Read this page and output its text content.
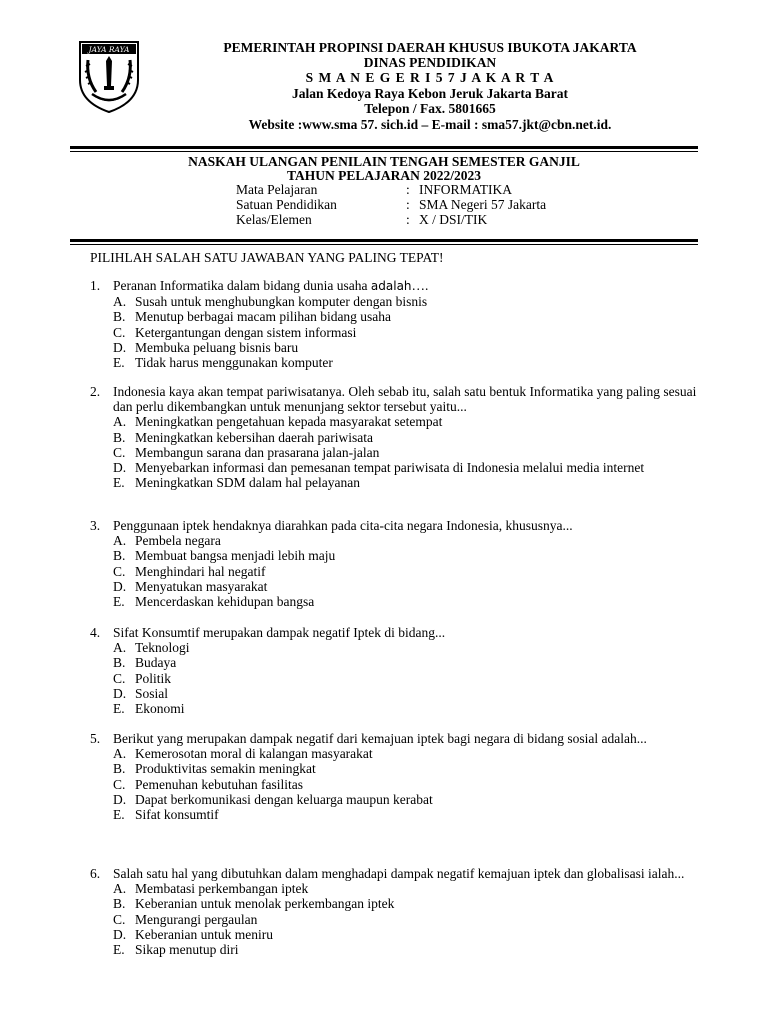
JAYA RAYA	PEMERINTAH PROPINSI DAERAH KHUSUS IBUKOTA JAKARTA
DINAS PENDIDIKAN
S M A N E G E R I 5 7 J A K A R T A
Jalan Kedoya Raya Kebon Jeruk Jakarta Barat
Telepon / Fax. 5801665
Website :www.sma 57. sich.id – E-mail : sma57.jkt@cbn.net.id.
NASKAH ULANGAN PENILAIN TENGAH SEMESTER GANJIL
TAHUN PELAJARAN 2022/2023
Mata Pelajaran	: INFORMATIKA
Satuan Pendidikan	: SMA Negeri 57 Jakarta
Kelas/Elemen	: X / DSI/TIK
PILIHLAH SALAH SATU JAWABAN YANG PALING TEPAT!
1. Peranan Informatika dalam bidang dunia usaha adalah….
A. Susah untuk menghubungkan komputer dengan bisnis
B. Menutup berbagai macam pilihan bidang usaha
C. Ketergantungan dengan sistem informasi
D. Membuka peluang bisnis baru
E. Tidak harus menggunakan komputer
2. Indonesia kaya akan tempat pariwisatanya. Oleh sebab itu, salah satu bentuk Informatika yang paling sesuai dan perlu dikembangkan untuk menunjang sektor tersebut yaitu...
A. Meningkatkan pengetahuan kepada masyarakat setempat
B. Meningkatkan kebersihan daerah pariwisata
C. Membangun sarana dan prasarana jalan-jalan
D. Menyebarkan informasi dan pemesanan tempat pariwisata di Indonesia melalui media internet
E. Meningkatkan SDM dalam hal pelayanan
3. Penggunaan iptek hendaknya diarahkan pada cita-cita negara Indonesia, khususnya...
A. Pembela negara
B. Membuat bangsa menjadi lebih maju
C. Menghindari hal negatif
D. Menyatukan masyarakat
E. Mencerdaskan kehidupan bangsa
4. Sifat Konsumtif merupakan dampak negatif Iptek di bidang...
A. Teknologi
B. Budaya
C. Politik
D. Sosial
E. Ekonomi
5. Berikut yang merupakan dampak negatif dari kemajuan iptek bagi negara di bidang sosial adalah...
A. Kemerosotan moral di kalangan masyarakat
B. Produktivitas semakin meningkat
C. Pemenuhan kebutuhan fasilitas
D. Dapat berkomunikasi dengan keluarga maupun kerabat
E. Sifat konsumtif
6. Salah satu hal yang dibutuhkan dalam menghadapi dampak negatif kemajuan iptek dan globalisasi ialah...
A. Membatasi perkembangan iptek
B. Keberanian untuk menolak perkembangan iptek
C. Mengurangi pergaulan
D. Keberanian untuk meniru
E. Sikap menutup diri
